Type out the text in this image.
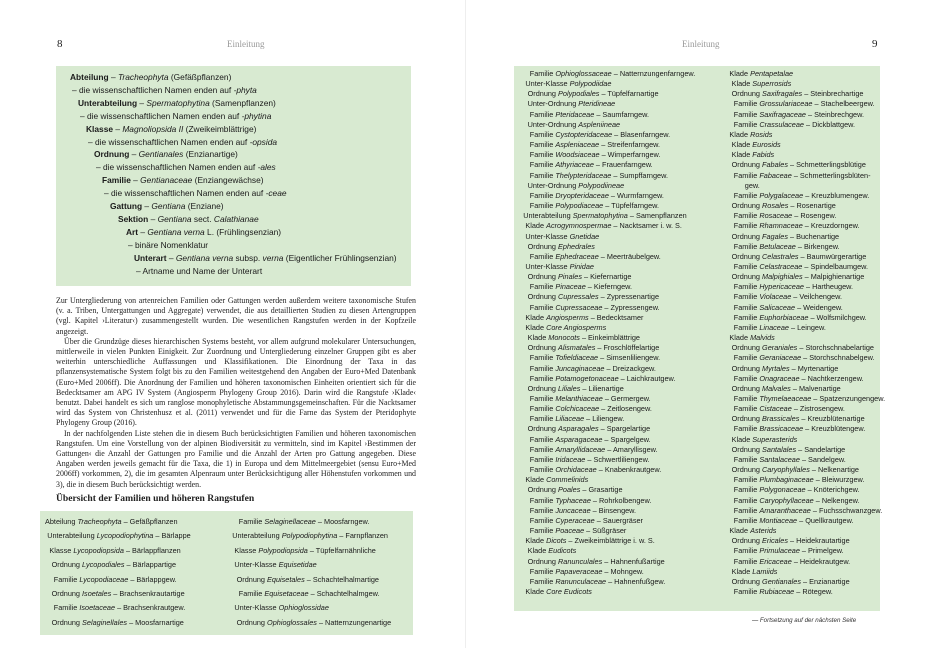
8	Einleitung
Abteilung – Tracheophyta (Gefäßpflanzen)
– die wissenschaftlichen Namen enden auf -phyta
Unterabteilung – Spermatophytina (Samenpflanzen)
– die wissenschaftlichen Namen enden auf -phytina
Klasse – Magnoliopsida II (Zweikeimblättrige)
– die wissenschaftlichen Namen enden auf -opsida
Ordnung – Gentianales (Enzianartige)
– die wissenschaftlichen Namen enden auf -ales
Familie – Gentianaceae (Enziangewächse)
– die wissenschaftlichen Namen enden auf -ceae
Gattung – Gentiana (Enziane)
Sektion – Gentiana sect. Calathianae
Art – Gentiana verna L. (Frühlingsenzian)
– binäre Nomenklatur
Unterart – Gentiana verna subsp. verna (Eigentlicher Frühlingsenzian)
– Artname und Name der Unterart

Zur Untergliederung von artenreichen Familien oder Gattungen werden außerdem weitere taxonomische Stufen (v. a. Triben, Untergattungen und Aggregate) verwendet, die aus detaillierten Studien zu diesen Artengruppen (vgl. Kapitel ›Literatur‹) zusammengestellt wurden. Die wesentlichen Rangstufen werden in der Kopfzeile angezeigt.

Über die Grundzüge dieses hierarchischen Systems besteht, vor allem aufgrund molekularer Untersuchungen, mittlerweile in vielen Punkten Einigkeit. Zur Zuordnung und Untergliederung einzelner Gruppen gibt es aber weiterhin unterschiedliche Auffassungen und Klassifikationen. Die Einordnung der Taxa in das pflanzensystematische System folgt bis zu den Familien weitestgehend den Angaben der Euro+Med Datenbank (Euro+Med 2006ff). Die Anordnung der Familien und höheren taxonomischen Einheiten orientiert sich für die Bedecktsamer am APG IV System (Angiosperm Phylogeny Group 2016). Darin wird die Rangstufe ›Klade‹ benutzt. Dabei handelt es sich um ranglose monophyletische Abstammungsgemeinschaften. Für die Nacktsamer wird das System von Christenhusz et al. (2011) verwendet und für die Farne das System der Pteridophyte Phylogeny Group (2016).

In der nachfolgenden Liste stehen die in diesem Buch berücksichtigten Familien und höheren taxonomischen Rangstufen. Um eine Vorstellung von der alpinen Biodiversität zu vermitteln, sind im Kapitel ›Bestimmen der Gattungen‹ die Anzahl der Gattungen pro Familie und die Anzahl der Arten pro Gattung angegeben. Diese Angaben werden jeweils gemacht für die Taxa, die 1) in Europa und dem Mittelmeergebiet (sensu Euro+Med 2006ff) vorkommen, 2), die im gesamten Alpenraum unter Berücksichtigung aller Höhenstufen vorkommen und 3), die in diesem Buch berücksichtigt werden.

Übersicht der Familien und höheren Rangstufen
Abteilung Tracheophyta – Gefäßpflanzen
Unterabteilung Lycopodiophytina – Bärlappe
Klasse Lycopodiopsida – Bärlappflanzen
Ordnung Lycopodiales – Bärlappartige
Familie Lycopodiaceae – Bärlappgew.
Ordnung Isoetales – Brachsenkrautartige
Familie Isoetaceae – Brachsenkrautgew.
Ordnung Selaginellales – Moosfarnartige
Familie Selaginellaceae – Moosfarngew.
Unterabteilung Polypodiophytina – Farnpflanzen
Klasse Polypodiopsida – Tüpfelfarnähnliche
Unter-Klasse Equisetidae
Ordnung Equisetales – Schachtelhalmartige
Familie Equisetaceae – Schachtelhalmgew.
Unter-Klasse Ophioglossidae
Ordnung Ophioglossales – Natternzungenartige
Einleitung	9
Familie Ophioglossaceae – Natternzungenfarngew.
Unter-Klasse Polypodiidae
Ordnung Polypodiales – Tüpfelfarnartige
Unter-Ordnung Pteridineae
Familie Pteridaceae – Saumfarngew.
Unter-Ordnung Aspleniineae
Familie Cystopteridaceae – Blasenfarngew.
Familie Aspleniaceae – Streifenfarngew.
Familie Woodsiaceae – Wimperfarngew.
Familie Athyriaceae – Frauenfarngew.
Familie Thelypteridaceae – Sumpffarngew.
Unter-Ordnung Polypodiineae
Familie Dryopteridaceae – Wurmfarngew.
Familie Polypodiaceae – Tüpfelfarngew.
Unterabteilung Spermatophytina – Samenpflanzen
Klade Acrogymnospermae – Nacktsamer i. w. S.
Unter-Klasse Gnetidae
Ordnung Ephedrales
Familie Ephedraceae – Meerträubelgew.
Unter-Klasse Pinidae
Ordnung Pinales – Kiefernartige
Familie Pinaceae – Kieferngew.
Ordnung Cupressales – Zypressenartige
Familie Cupressaceae – Zypressengew.
Klade Angiosperms – Bedecktsamer
Klade Core Angiosperms
Klade Monocots – Einkeimblättrige
Ordnung Alismatales – Froschlöffelartige
Familie Tofieldiaceae – Simsenliliengew.
Familie Juncaginaceae – Dreizackgew.
Familie Potamogetonaceae – Laichkrautgew.
Ordnung Liliales – Lilienartige
Familie Melanthiaceae – Germergew.
Familie Colchicaceae – Zeitlosengew.
Familie Liliaceae – Liliengew.
Ordnung Asparagales – Spargelartige
Familie Asparagaceae – Spargelgew.
Familie Amaryllidaceae – Amaryllisgew.
Familie Iridaceae – Schwertliliengew.
Familie Orchidaceae – Knabenkrautgew.
Klade Commelinids
Ordnung Poales – Grasartige
Familie Typhaceae – Rohrkolbengew.
Familie Juncaceae – Binsengew.
Familie Cyperaceae – Sauergräser
Familie Poaceae – Süßgräser
Klade Dicots – Zweikeimblättrige i. w. S.
Klade Eudicots
Ordnung Ranunculales – Hahnenfußartige
Familie Papaveraceae – Mohngew.
Familie Ranunculaceae – Hahnenfußgew.
Klade Core Eudicots
Klade Pentapetalae
Klade Superrosids
Ordnung Saxifragales – Steinbrechartige
Familie Grossulariaceae – Stachelbeergew.
Familie Saxifragaceae – Steinbrechgew.
Familie Crassulaceae – Dickblattgew.
Klade Rosids
Klade Eurosids
Klade Fabids
Ordnung Fabales – Schmetterlingsblütige
Familie Fabaceae – Schmetterlingsblüten-
gew.
Familie Polygalaceae – Kreuzblumengew.
Ordnung Rosales – Rosenartige
Familie Rosaceae – Rosengew.
Familie Rhamnaceae – Kreuzdorngew.
Ordnung Fagales – Buchenartige
Familie Betulaceae – Birkengew.
Ordnung Celastrales – Baumwürgerartige
Familie Celastraceae – Spindelbaumgew.
Ordnung Malpighiales – Malpighienartige
Familie Hypericaceae – Hartheugew.
Familie Violaceae – Veilchengew.
Familie Salicaceae – Weidengew.
Familie Euphorbiaceae – Wolfsmilchgew.
Familie Linaceae – Leingew.
Klade Malvids
Ordnung Geraniales – Storchschnabelartige
Familie Geraniaceae – Storchschnabelgew.
Ordnung Myrtales – Myrtenartige
Familie Onagraceae – Nachtkerzengew.
Ordnung Malvales – Malvenartige
Familie Thymelaeaceae – Spatzenzungengew.
Familie Cistaceae – Zistrosengew.
Ordnung Brassicales – Kreuzblütenartige
Familie Brassicaceae – Kreuzblütengew.
Klade Superasterids
Ordnung Santalales – Sandelartige
Familie Santalaceae – Sandelgew.
Ordnung Caryophyllales – Nelkenartige
Familie Plumbaginaceae – Bleiwurzgew.
Familie Polygonaceae – Knöterichgew.
Familie Caryophyllaceae – Nelkengew.
Familie Amaranthaceae – Fuchsschwanzgew.
Familie Montiaceae – Quellkrautgew.
Klade Asterids
Ordnung Ericales – Heidekrautartige
Familie Primulaceae – Primelgew.
Familie Ericaceae – Heidekrautgew.
Klade Lamiids
Ordnung Gentianales – Enzianartige
Familie Rubiaceae – Rötegew.
— Fortsetzung auf der nächsten Seite
